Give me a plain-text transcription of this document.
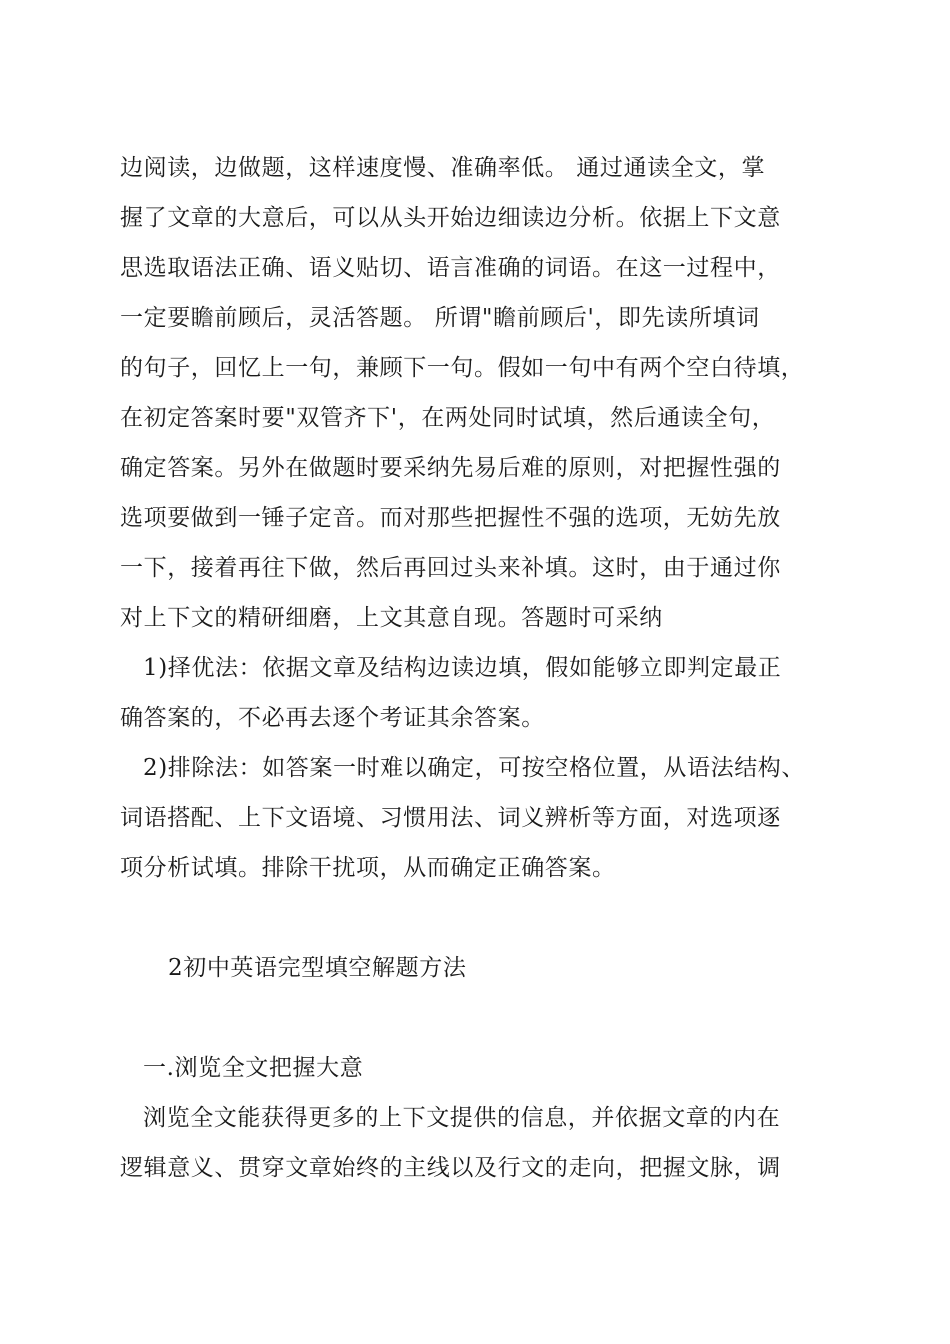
边阅读，边做题，这样速度慢、准确率低。 通过通读全文，掌
握了文章的大意后，可以从头开始边细读边分析。依据上下文意
思选取语法正确、语义贴切、语言准确的词语。在这一过程中，
一定要瞻前顾后，灵活答题。 所谓"瞻前顾后'，即先读所填词
的句子，回忆上一句，兼顾下一句。假如一句中有两个空白待填，
在初定答案时要"双管齐下'，在两处同时试填，然后通读全句，
确定答案。另外在做题时要采纳先易后难的原则，对把握性强的
选项要做到一锤子定音。而对那些把握性不强的选项，无妨先放
一下，接着再往下做，然后再回过头来补填。这时，由于通过你
对上下文的精研细磨，上文其意自现。答题时可采纳
1)择优法：依据文章及结构边读边填，假如能够立即判定最正
确答案的，不必再去逐个考证其余答案。
2)排除法：如答案一时难以确定，可按空格位置，从语法结构、
词语搭配、上下文语境、习惯用法、词义辨析等方面，对选项逐
项分析试填。排除干扰项，从而确定正确答案。
2初中英语完型填空解题方法
一.浏览全文把握大意
浏览全文能获得更多的上下文提供的信息，并依据文章的内在
逻辑意义、贯穿文章始终的主线以及行文的走向，把握文脉，调
